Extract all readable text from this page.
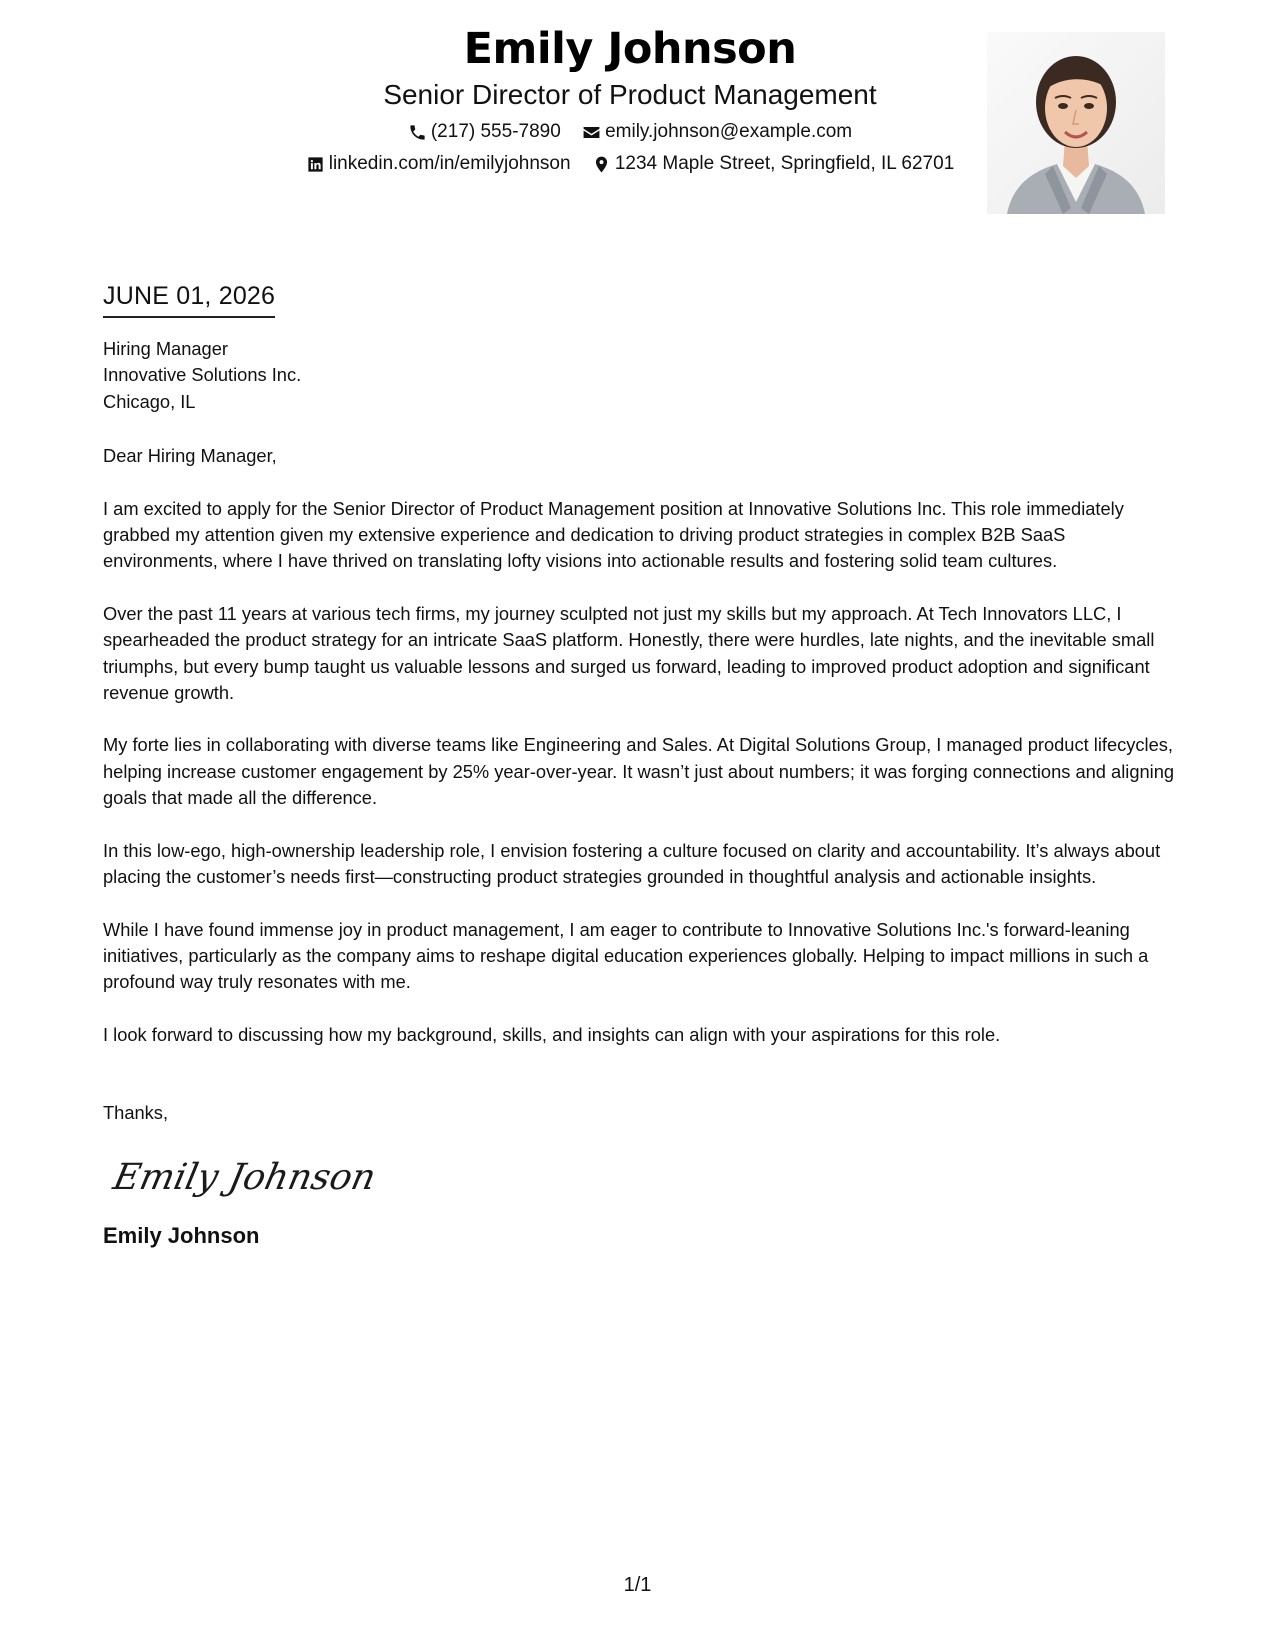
Emily Johnson
Senior Director of Product Management
(217) 555-7890
emily.johnson@example.com
linkedin.com/in/emilyjohnson
1234 Maple Street, Springfield, IL 62701
JUNE 01, 2026
Hiring Manager
Innovative Solutions Inc.
Chicago, IL
Dear Hiring Manager,
I am excited to apply for the Senior Director of Product Management position at Innovative Solutions Inc. This role immediately grabbed my attention given my extensive experience and dedication to driving product strategies in complex B2B SaaS environments, where I have thrived on translating lofty visions into actionable results and fostering solid team cultures.
Over the past 11 years at various tech firms, my journey sculpted not just my skills but my approach. At Tech Innovators LLC, I spearheaded the product strategy for an intricate SaaS platform. Honestly, there were hurdles, late nights, and the inevitable small triumphs, but every bump taught us valuable lessons and surged us forward, leading to improved product adoption and significant revenue growth.
My forte lies in collaborating with diverse teams like Engineering and Sales. At Digital Solutions Group, I managed product lifecycles, helping increase customer engagement by 25% year-over-year. It wasn’t just about numbers; it was forging connections and aligning goals that made all the difference.
In this low-ego, high-ownership leadership role, I envision fostering a culture focused on clarity and accountability. It’s always about placing the customer’s needs first—constructing product strategies grounded in thoughtful analysis and actionable insights.
While I have found immense joy in product management, I am eager to contribute to Innovative Solutions Inc.'s forward-leaning initiatives, particularly as the company aims to reshape digital education experiences globally. Helping to impact millions in such a profound way truly resonates with me.
I look forward to discussing how my background, skills, and insights can align with your aspirations for this role.
Thanks,
Emily Johnson
Emily Johnson
1/1
